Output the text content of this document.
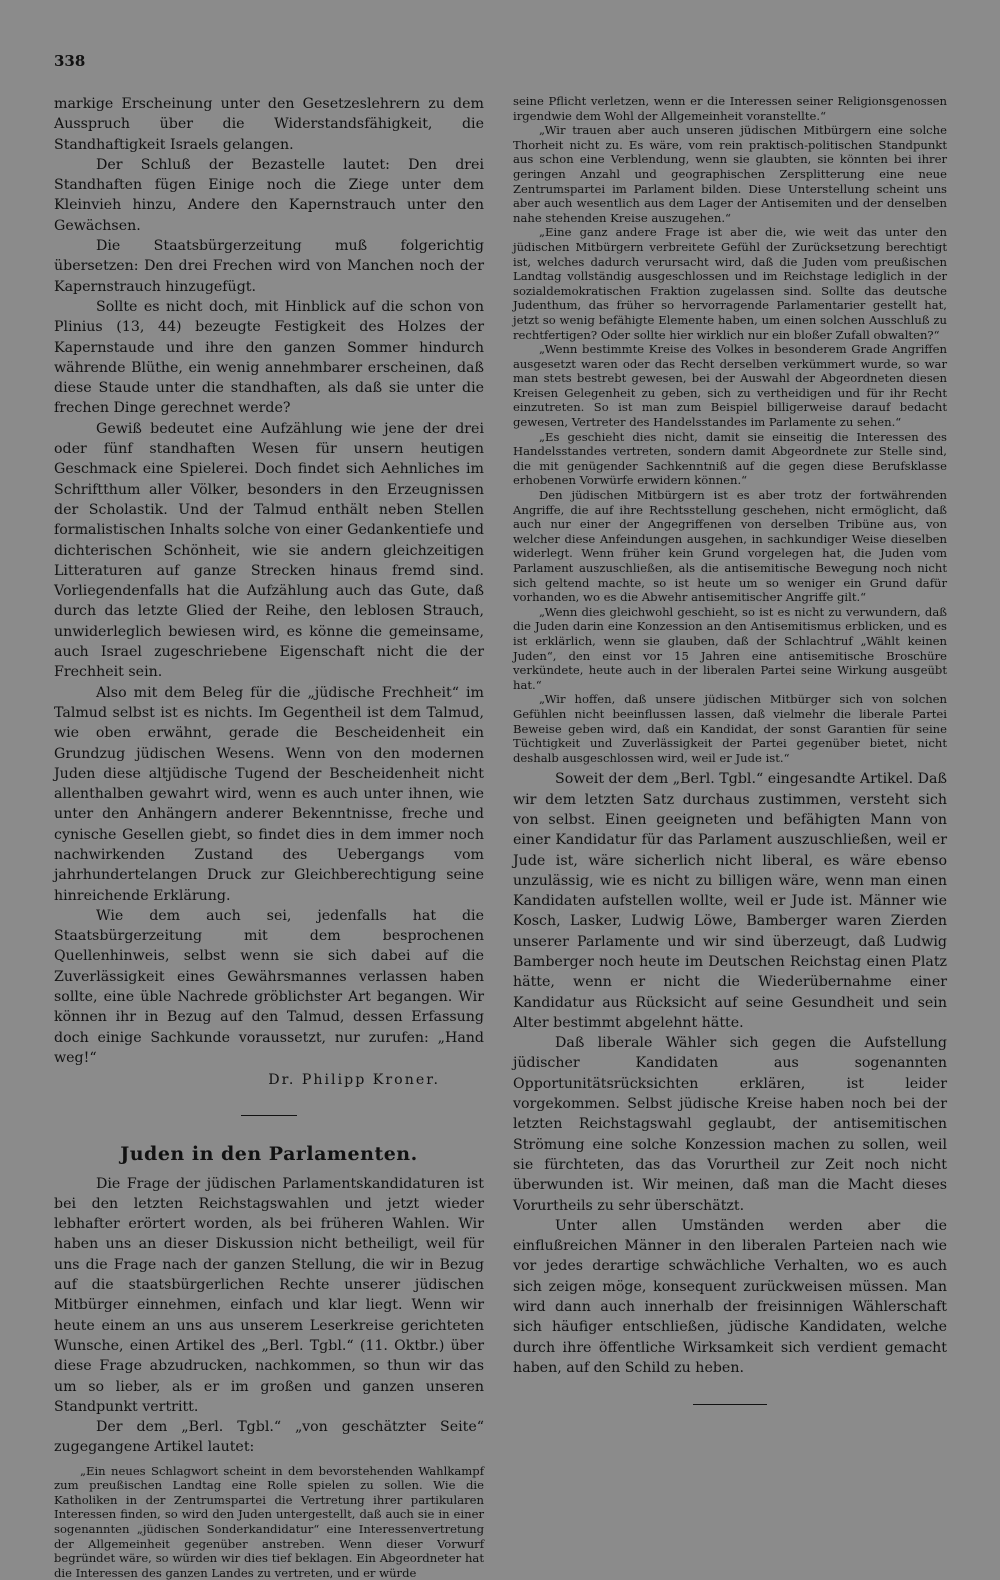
338

markige Erscheinung unter den Gesetzeslehrern zu dem Ausspruch über die Widerstandsfähigkeit, die Standhaftigkeit Israels gelangen.

Der Schluß der Bezastelle lautet: Den drei Standhaften fügen Einige noch die Ziege unter dem Kleinvieh hinzu, Andere den Kapernstrauch unter den Gewächsen.

Die Staatsbürgerzeitung muß folgerichtig übersetzen: Den drei Frechen wird von Manchen noch der Kapernstrauch hinzugefügt.

Sollte es nicht doch, mit Hinblick auf die schon von Plinius (13, 44) bezeugte Festigkeit des Holzes der Kapernstaude und ihre den ganzen Sommer hindurch währende Blüthe, ein wenig annehmbarer erscheinen, daß diese Staude unter die standhaften, als daß sie unter die frechen Dinge gerechnet werde?

Gewiß bedeutet eine Aufzählung wie jene der drei oder fünf standhaften Wesen für unsern heutigen Geschmack eine Spielerei. Doch findet sich Aehnliches im Schriftthum aller Völker, besonders in den Erzeugnissen der Scholastik. Und der Talmud enthält neben Stellen formalistischen Inhalts solche von einer Gedankentiefe und dichterischen Schönheit, wie sie andern gleichzeitigen Litteraturen auf ganze Strecken hinaus fremd sind. Vorliegendenfalls hat die Aufzählung auch das Gute, daß durch das letzte Glied der Reihe, den leblosen Strauch, unwiderleglich bewiesen wird, es könne die gemeinsame, auch Israel zugeschriebene Eigenschaft nicht die der Frechheit sein.

Also mit dem Beleg für die „jüdische Frechheit“ im Talmud selbst ist es nichts. Im Gegentheil ist dem Talmud, wie oben erwähnt, gerade die Bescheidenheit ein Grundzug jüdischen Wesens. Wenn von den modernen Juden diese altjüdische Tugend der Bescheidenheit nicht allenthalben gewahrt wird, wenn es auch unter ihnen, wie unter den Anhängern anderer Bekenntnisse, freche und cynische Gesellen giebt, so findet dies in dem immer noch nachwirkenden Zustand des Uebergangs vom jahrhundertelangen Druck zur Gleichberechtigung seine hinreichende Erklärung.

Wie dem auch sei, jedenfalls hat die Staatsbürgerzeitung mit dem besprochenen Quellenhinweis, selbst wenn sie sich dabei auf die Zuverlässigkeit eines Gewährsmannes verlassen haben sollte, eine üble Nachrede gröblichster Art begangen. Wir können ihr in Bezug auf den Talmud, dessen Erfassung doch einige Sachkunde voraussetzt, nur zurufen: „Hand weg!“

Dr. Philipp Kroner.
Juden in den Parlamenten.

Die Frage der jüdischen Parlamentskandidaturen ist bei den letzten Reichstagswahlen und jetzt wieder lebhafter erörtert worden, als bei früheren Wahlen. Wir haben uns an dieser Diskussion nicht betheiligt, weil für uns die Frage nach der ganzen Stellung, die wir in Bezug auf die staatsbürgerlichen Rechte unserer jüdischen Mitbürger einnehmen, einfach und klar liegt. Wenn wir heute einem an uns aus unserem Leserkreise gerichteten Wunsche, einen Artikel des „Berl. Tgbl.“ (11. Oktbr.) über diese Frage abzudrucken, nachkommen, so thun wir das um so lieber, als er im großen und ganzen unseren Standpunkt vertritt.

Der dem „Berl. Tgbl.“ „von geschätzter Seite“ zugegangene Artikel lautet:

„Ein neues Schlagwort scheint in dem bevorstehenden Wahlkampf zum preußischen Landtag eine Rolle spielen zu sollen. Wie die Katholiken in der Zentrumspartei die Vertretung ihrer partikularen Interessen finden, so wird den Juden untergestellt, daß auch sie in einer sogenannten „jüdischen Sonderkandidatur“ eine Interessenvertretung der Allgemeinheit gegenüber anstreben. Wenn dieser Vorwurf begründet wäre, so würden wir dies tief beklagen. Ein Abgeordneter hat die Interessen des ganzen Landes zu vertreten, und er würde

seine Pflicht verletzen, wenn er die Interessen seiner Religionsgenossen irgendwie dem Wohl der Allgemeinheit voranstellte.“

„Wir trauen aber auch unseren jüdischen Mitbürgern eine solche Thorheit nicht zu. Es wäre, vom rein praktisch-politischen Standpunkt aus schon eine Verblendung, wenn sie glaubten, sie könnten bei ihrer geringen Anzahl und geographischen Zersplitterung eine neue Zentrumspartei im Parlament bilden. Diese Unterstellung scheint uns aber auch wesentlich aus dem Lager der Antisemiten und der denselben nahe stehenden Kreise auszugehen.“

„Eine ganz andere Frage ist aber die, wie weit das unter den jüdischen Mitbürgern verbreitete Gefühl der Zurücksetzung berechtigt ist, welches dadurch verursacht wird, daß die Juden vom preußischen Landtag vollständig ausgeschlossen und im Reichstage lediglich in der sozialdemokratischen Fraktion zugelassen sind. Sollte das deutsche Judenthum, das früher so hervorragende Parlamentarier gestellt hat, jetzt so wenig befähigte Elemente haben, um einen solchen Ausschluß zu rechtfertigen? Oder sollte hier wirklich nur ein bloßer Zufall obwalten?“

„Wenn bestimmte Kreise des Volkes in besonderem Grade Angriffen ausgesetzt waren oder das Recht derselben verkümmert wurde, so war man stets bestrebt gewesen, bei der Auswahl der Abgeordneten diesen Kreisen Gelegenheit zu geben, sich zu vertheidigen und für ihr Recht einzutreten. So ist man zum Beispiel billigerweise darauf bedacht gewesen, Vertreter des Handelsstandes im Parlamente zu sehen.“

„Es geschieht dies nicht, damit sie einseitig die Interessen des Handelsstandes vertreten, sondern damit Abgeordnete zur Stelle sind, die mit genügender Sachkenntniß auf die gegen diese Berufsklasse erhobenen Vorwürfe erwidern können.“

Den jüdischen Mitbürgern ist es aber trotz der fortwährenden Angriffe, die auf ihre Rechtsstellung geschehen, nicht ermöglicht, daß auch nur einer der Angegriffenen von derselben Tribüne aus, von welcher diese Anfeindungen ausgehen, in sachkundiger Weise dieselben widerlegt. Wenn früher kein Grund vorgelegen hat, die Juden vom Parlament auszuschließen, als die antisemitische Bewegung noch nicht sich geltend machte, so ist heute um so weniger ein Grund dafür vorhanden, wo es die Abwehr antisemitischer Angriffe gilt.“

„Wenn dies gleichwohl geschieht, so ist es nicht zu verwundern, daß die Juden darin eine Konzession an den Antisemitismus erblicken, und es ist erklärlich, wenn sie glauben, daß der Schlachtruf „Wählt keinen Juden“, den einst vor 15 Jahren eine antisemitische Broschüre verkündete, heute auch in der liberalen Partei seine Wirkung ausgeübt hat.“

„Wir hoffen, daß unsere jüdischen Mitbürger sich von solchen Gefühlen nicht beeinflussen lassen, daß vielmehr die liberale Partei Beweise geben wird, daß ein Kandidat, der sonst Garantien für seine Tüchtigkeit und Zuverlässigkeit der Partei gegenüber bietet, nicht deshalb ausgeschlossen wird, weil er Jude ist.“

Soweit der dem „Berl. Tgbl.“ eingesandte Artikel. Daß wir dem letzten Satz durchaus zustimmen, versteht sich von selbst. Einen geeigneten und befähigten Mann von einer Kandidatur für das Parlament auszuschließen, weil er Jude ist, wäre sicherlich nicht liberal, es wäre ebenso unzulässig, wie es nicht zu billigen wäre, wenn man einen Kandidaten aufstellen wollte, weil er Jude ist. Männer wie Kosch, Lasker, Ludwig Löwe, Bamberger waren Zierden unserer Parlamente und wir sind überzeugt, daß Ludwig Bamberger noch heute im Deutschen Reichstag einen Platz hätte, wenn er nicht die Wiederübernahme einer Kandidatur aus Rücksicht auf seine Gesundheit und sein Alter bestimmt abgelehnt hätte.

Daß liberale Wähler sich gegen die Aufstellung jüdischer Kandidaten aus sogenannten Opportunitätsrücksichten erklären, ist leider vorgekommen. Selbst jüdische Kreise haben noch bei der letzten Reichstagswahl geglaubt, der antisemitischen Strömung eine solche Konzession machen zu sollen, weil sie fürchteten, das das Vorurtheil zur Zeit noch nicht überwunden ist. Wir meinen, daß man die Macht dieses Vorurtheils zu sehr überschätzt.

Unter allen Umständen werden aber die einflußreichen Männer in den liberalen Parteien nach wie vor jedes derartige schwächliche Verhalten, wo es auch sich zeigen möge, konsequent zurückweisen müssen. Man wird dann auch innerhalb der freisinnigen Wählerschaft sich häufiger entschließen, jüdische Kandidaten, welche durch ihre öffentliche Wirksamkeit sich verdient gemacht haben, auf den Schild zu heben.
